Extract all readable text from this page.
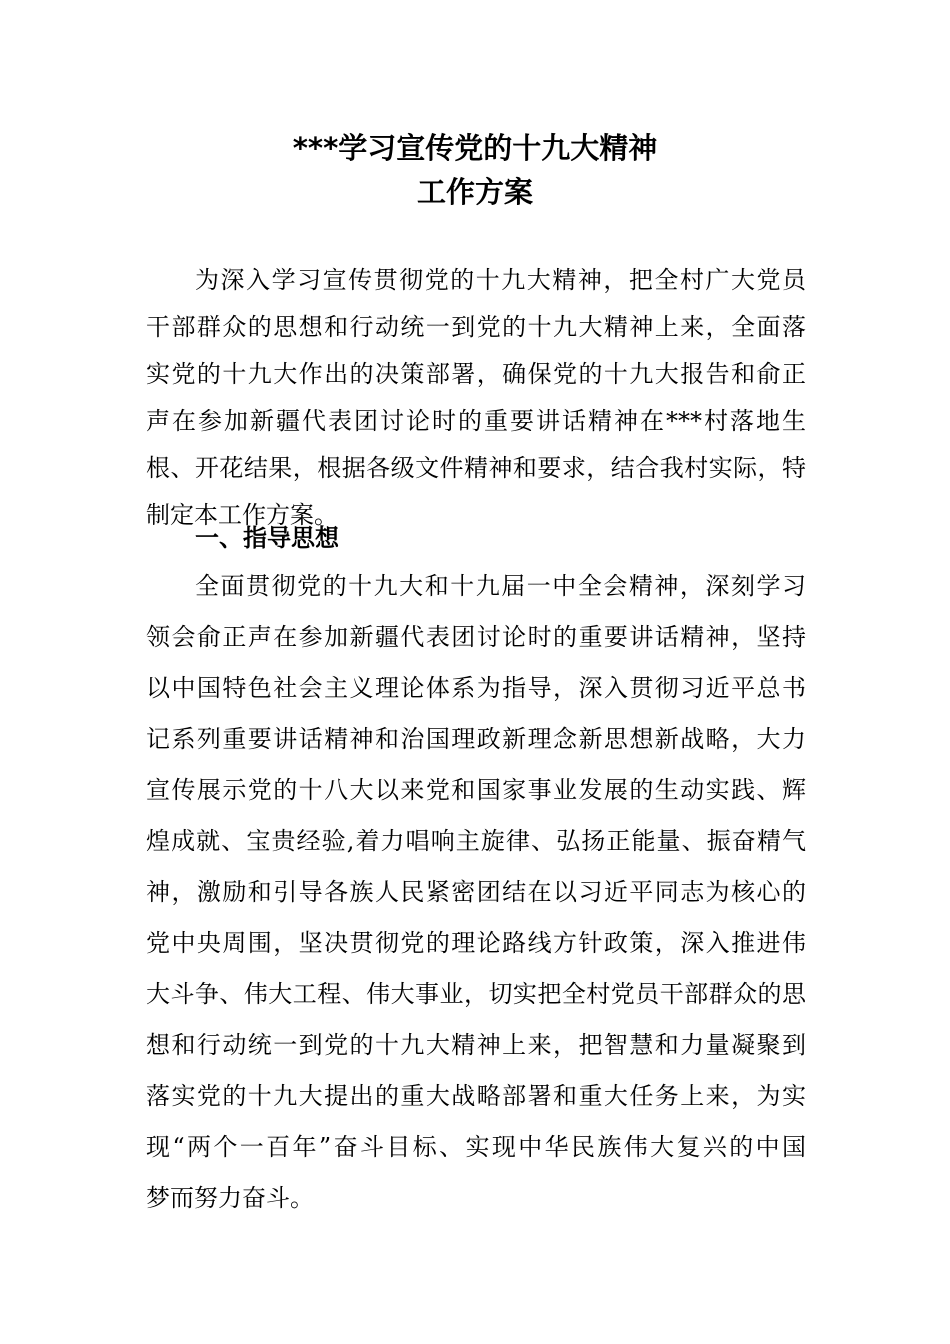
***学习宣传党的十九大精神
工作方案
为深入学习宣传贯彻党的十九大精神，把全村广大党员
干部群众的思想和行动统一到党的十九大精神上来，全面落
实党的十九大作出的决策部署，确保党的十九大报告和俞正
声在参加新疆代表团讨论时的重要讲话精神在***村落地生
根、开花结果，根据各级文件精神和要求，结合我村实际，特
制定本工作方案。
一、指导思想
全面贯彻党的十九大和十九届一中全会精神，深刻学习
领会俞正声在参加新疆代表团讨论时的重要讲话精神，坚持
以中国特色社会主义理论体系为指导，深入贯彻习近平总书
记系列重要讲话精神和治国理政新理念新思想新战略，大力
宣传展示党的十八大以来党和国家事业发展的生动实践、辉
煌成就、宝贵经验,着力唱响主旋律、弘扬正能量、振奋精气
神，激励和引导各族人民紧密团结在以习近平同志为核心的
党中央周围，坚决贯彻党的理论路线方针政策，深入推进伟
大斗争、伟大工程、伟大事业，切实把全村党员干部群众的思
想和行动统一到党的十九大精神上来，把智慧和力量凝聚到
落实党的十九大提出的重大战略部署和重大任务上来，为实
现“两个一百年”奋斗目标、实现中华民族伟大复兴的中国
梦而努力奋斗。
